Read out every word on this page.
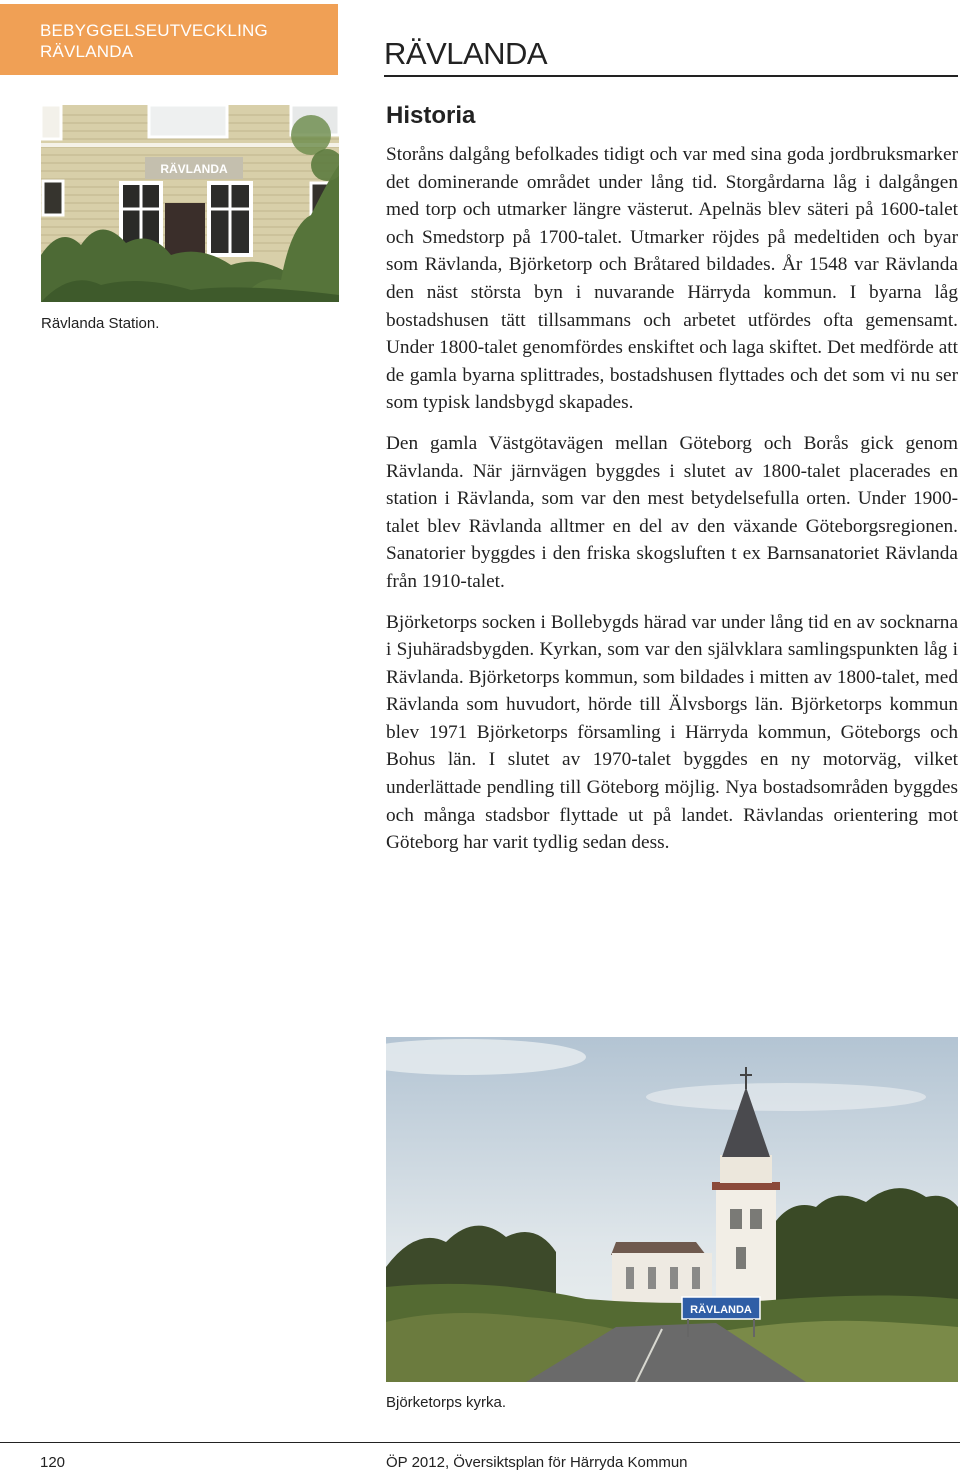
BEBYGGELSEUTVECKLING
RÄVLANDA	RÄVLANDA
RÄVLANDA
Rävlanda Station.
Historia

Storåns dalgång befolkades tidigt och var med sina goda jordbruksmarker det dominerande området under lång tid. Storgårdarna låg i dalgången med torp och utmarker längre västerut. Apelnäs blev säteri på 1600-talet och Smedstorp på 1700-talet. Utmarker röjdes på medeltiden och byar som Rävlanda, Björketorp och Bråtared bildades. År 1548 var Rävlanda den näst största byn i nuvarande Härryda kommun. I byarna låg bostadshusen tätt tillsammans och arbetet utfördes ofta gemensamt. Under 1800-talet genomfördes enskiftet och laga skiftet. Det medförde att de gamla byarna splittrades, bostadshusen flyttades och det som vi nu ser som typisk landsbygd skapades.

Den gamla Västgötavägen mellan Göteborg och Borås gick genom Rävlanda. När järnvägen byggdes i slutet av 1800-talet placerades en station i Rävlanda, som var den mest betydelsefulla orten. Under 1900-talet blev Rävlanda alltmer en del av den växande Göteborgsregionen. Sanatorier byggdes i den friska skogsluften t ex Barnsanatoriet Rävlanda från 1910-talet.

Björketorps socken i Bollebygds härad var under lång tid en av socknarna i Sjuhäradsbygden. Kyrkan, som var den självklara samlingspunkten låg i Rävlanda. Björketorps kommun, som bildades i mitten av 1800-talet, med Rävlanda som huvudort, hörde till Älvsborgs län. Björketorps kommun blev 1971 Björketorps församling i Härryda kommun, Göteborgs och Bohus län. I slutet av 1970-talet byggdes en ny motorväg, vilket underlättade pendling till Göteborg möjlig. Nya bostadsområden byggdes och många stadsbor flyttade ut på landet. Rävlandas orientering mot Göteborg har varit tydlig sedan dess.

RÄVLANDA
Björketorps kyrka.
120	ÖP 2012, Översiktsplan för Härryda Kommun
